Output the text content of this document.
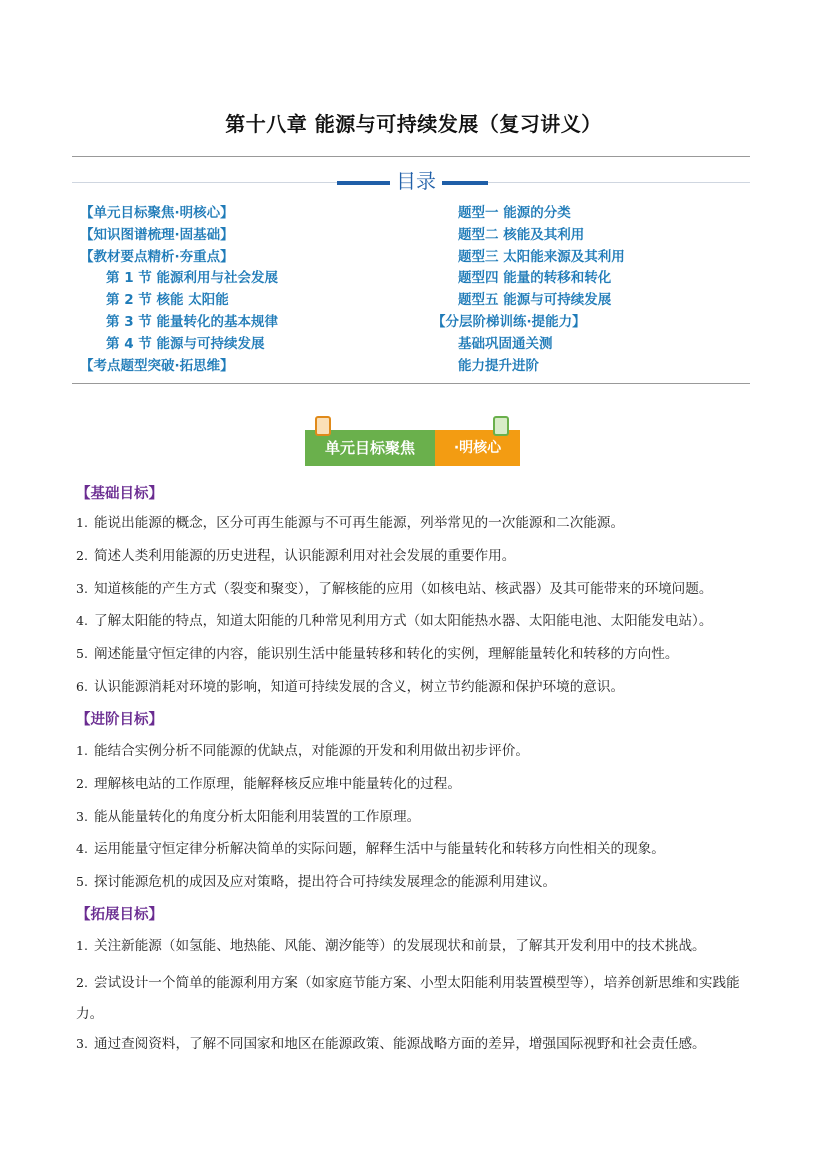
第十八章 能源与可持续发展（复习讲义）
目录
【单元目标聚焦·明核心】
【知识图谱梳理·固基础】
【教材要点精析·夯重点】
第 1 节 能源利用与社会发展
第 2 节 核能 太阳能
第 3 节 能量转化的基本规律
第 4 节 能源与可持续发展
【考点题型突破·拓思维】
题型一 能源的分类
题型二 核能及其利用
题型三 太阳能来源及其利用
题型四 能量的转移和转化
题型五 能源与可持续发展
【分层阶梯训练·提能力】
基础巩固通关测
能力提升进阶
单元目标聚焦	·明核心
【基础目标】
1. 能说出能源的概念，区分可再生能源与不可再生能源，列举常见的一次能源和二次能源。
2. 简述人类利用能源的历史进程，认识能源利用对社会发展的重要作用。
3. 知道核能的产生方式（裂变和聚变），了解核能的应用（如核电站、核武器）及其可能带来的环境问题。
4. 了解太阳能的特点，知道太阳能的几种常见利用方式（如太阳能热水器、太阳能电池、太阳能发电站）。
5. 阐述能量守恒定律的内容，能识别生活中能量转移和转化的实例，理解能量转化和转移的方向性。
6. 认识能源消耗对环境的影响，知道可持续发展的含义，树立节约能源和保护环境的意识。
【进阶目标】
1. 能结合实例分析不同能源的优缺点，对能源的开发和利用做出初步评价。
2. 理解核电站的工作原理，能解释核反应堆中能量转化的过程。
3. 能从能量转化的角度分析太阳能利用装置的工作原理。
4. 运用能量守恒定律分析解决简单的实际问题，解释生活中与能量转化和转移方向性相关的现象。
5. 探讨能源危机的成因及应对策略，提出符合可持续发展理念的能源利用建议。
【拓展目标】
1. 关注新能源（如氢能、地热能、风能、潮汐能等）的发展现状和前景，了解其开发利用中的技术挑战。
2. 尝试设计一个简单的能源利用方案（如家庭节能方案、小型太阳能利用装置模型等），培养创新思维和实践能力。
3. 通过查阅资料，了解不同国家和地区在能源政策、能源战略方面的差异，增强国际视野和社会责任感。
